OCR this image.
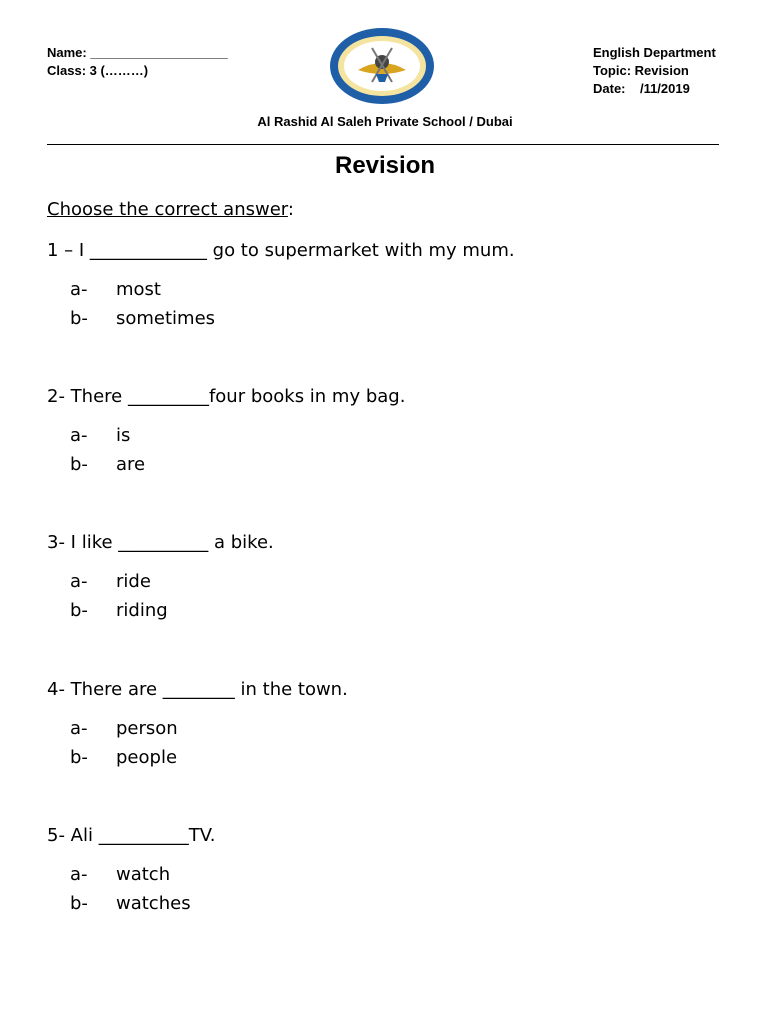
Name: ___________________
Class: 3 (………)
English Department
Topic: Revision
Date:    /11/2019
Al Rashid Al Saleh Private School / Dubai
Revision
Choose the correct answer:
1 – I _____________ go to supermarket with my mum.
a- most
b- sometimes
2- There _________four books in my bag.
a- is
b- are
3- I like __________ a bike.
a- ride
b- riding
4- There are ________ in the town.
a- person
b- people
5- Ali __________TV.
a- watch
b- watches
